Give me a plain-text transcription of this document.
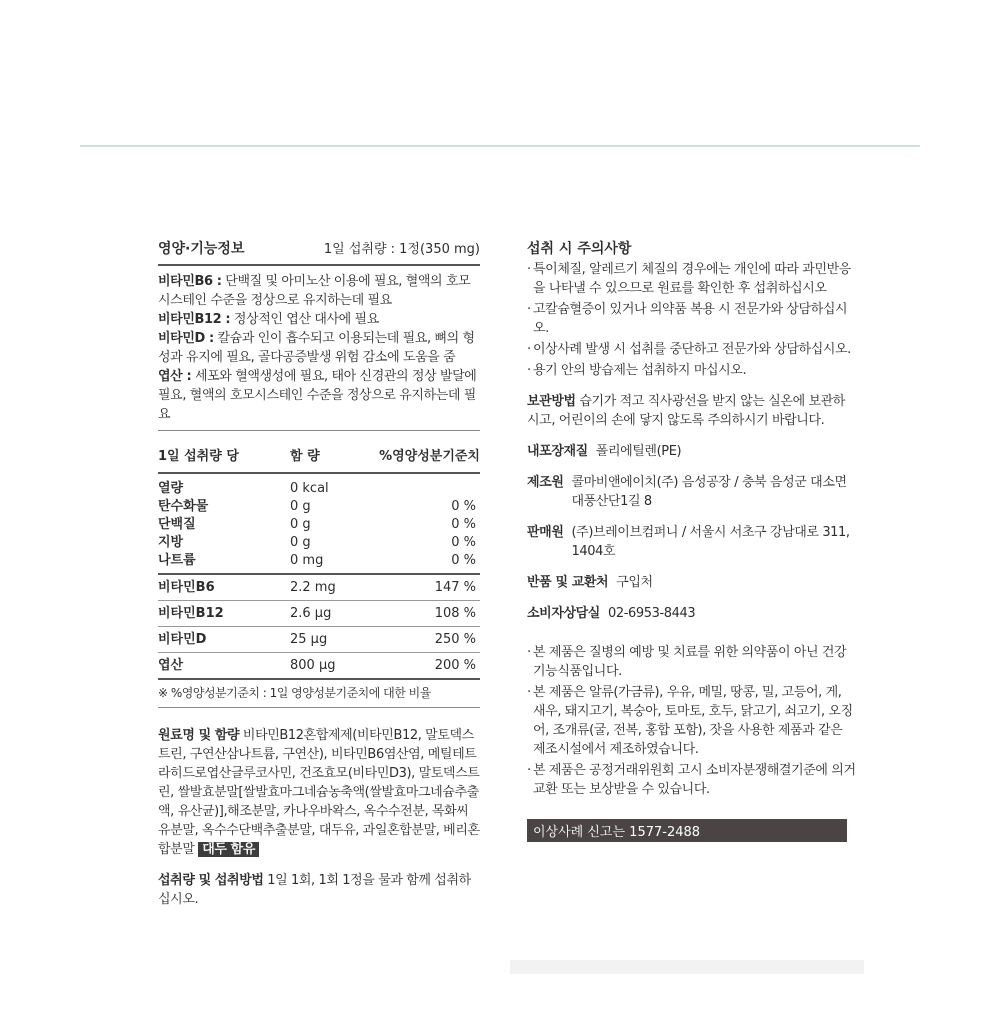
영양·기능정보	1일 섭취량 : 1정(350 mg)

비타민B6 : 단백질 및 아미노산 이용에 필요, 혈액의 호모시스테인 수준을 정상으로 유지하는데 필요

비타민B12 : 정상적인 엽산 대사에 필요

비타민D : 칼슘과 인이 흡수되고 이용되는데 필요, 뼈의 형성과 유지에 필요, 골다공증발생 위험 감소에 도움을 줌

엽산 : 세포와 혈액생성에 필요, 태아 신경관의 정상 발달에 필요, 혈액의 호모시스테인 수준을 정상으로 유지하는데 필요

1일 섭취량 당	함 량	%영양성분기준치
열량	0 kcal	
탄수화물	0 g	0 %
단백질	0 g	0 %
지방	0 g	0 %
나트륨	0 mg	0 %
비타민B6	2.2 mg	147 %
비타민B12	2.6 μg	108 %
비타민D	25 μg	250 %
엽산	800 μg	200 %
※ %영양성분기준치 : 1일 영양성분기준치에 대한 비율

원료명 및 함량 비타민B12혼합제제(비타민B12, 말토덱스트린, 구연산삼나트륨, 구연산), 비타민B6염산염, 메틸테트라히드로엽산글루코사민, 건조효모(비타민D3), 말토덱스트린, 쌀발효분말[쌀발효마그네슘농축액(쌀발효마그네슘추출액, 유산균)],해조분말, 카나우바왁스, 옥수수전분, 목화씨유분말, 옥수수단백추출분말, 대두유, 과일혼합분말, 베리혼합분말 대두 함유

섭취량 및 섭취방법 1일 1회, 1회 1정을 물과 함께 섭취하십시오.

섭취 시 주의사항
· 특이체질, 알레르기 체질의 경우에는 개인에 따라 과민반응을 나타낼 수 있으므로 원료를 확인한 후 섭취하십시오
· 고칼슘혈증이 있거나 의약품 복용 시 전문가와 상담하십시오.
· 이상사례 발생 시 섭취를 중단하고 전문가와 상담하십시오.
· 용기 안의 방습제는 섭취하지 마십시오.

보관방법 습기가 적고 직사광선을 받지 않는 실온에 보관하시고, 어린이의 손에 닿지 않도록 주의하시기 바랍니다.

내포장재질 폴리에틸렌(PE)
제조원 콜마비앤에이치(주) 음성공장 / 충북 음성군 대소면 대풍산단1길 8
판매원 (주)브레이브컴퍼니 / 서울시 서초구 강남대로 311, 1404호
반품 및 교환처 구입처
소비자상담실 02-6953-8443
· 본 제품은 질병의 예방 및 치료를 위한 의약품이 아닌 건강기능식품입니다.
· 본 제품은 알류(가금류), 우유, 메밀, 땅콩, 밀, 고등어, 게, 새우, 돼지고기, 복숭아, 토마토, 호두, 닭고기, 쇠고기, 오징어, 조개류(굴, 전복, 홍합 포함), 잣을 사용한 제품과 같은 제조시설에서 제조하였습니다.
· 본 제품은 공정거래위원회 고시 소비자분쟁해결기준에 의거 교환 또는 보상받을 수 있습니다.
이상사례 신고는 1577-2488
